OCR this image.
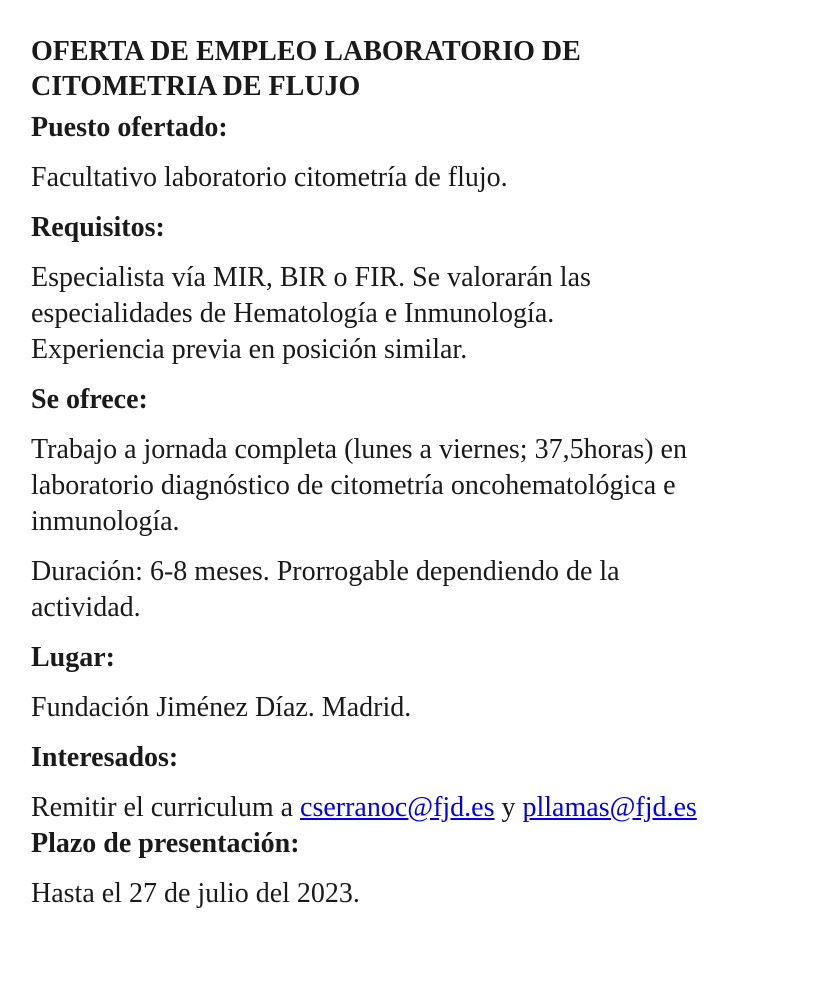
OFERTA DE EMPLEO LABORATORIO DE
CITOMETRIA DE FLUJO
Puesto ofertado:
Facultativo laboratorio citometría de flujo.
Requisitos:
Especialista vía MIR, BIR o FIR. Se valorarán las
especialidades de Hematología e Inmunología.
Experiencia previa en posición similar.
Se ofrece:
Trabajo a jornada completa (lunes a viernes; 37,5horas) en
laboratorio diagnóstico de citometría oncohematológica e
inmunología.
Duración: 6-8 meses. Prorrogable dependiendo de la
actividad.
Lugar:
Fundación Jiménez Díaz. Madrid.
Interesados:
Remitir el curriculum a cserranoc@fjd.es y pllamas@fjd.es
Plazo de presentación:
Hasta el 27 de julio del 2023.
